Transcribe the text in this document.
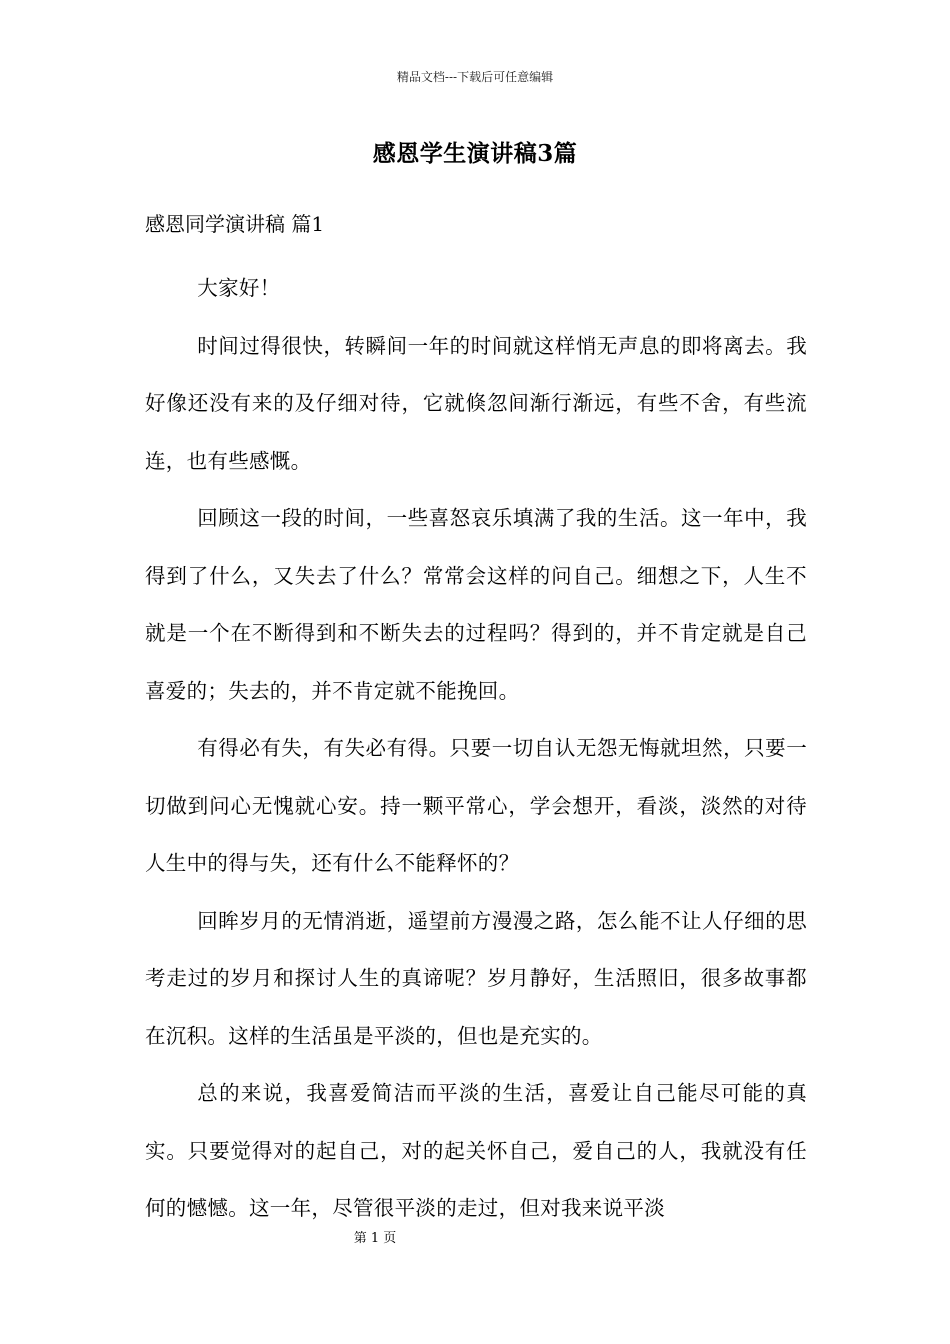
精品文档---下载后可任意编辑
感恩学生演讲稿3篇
感恩同学演讲稿 篇1

大家好！

时间过得很快，转瞬间一年的时间就这样悄无声息的即将离去。我好像还没有来的及仔细对待，它就倏忽间渐行渐远，有些不舍，有些流连，也有些感慨。

回顾这一段的时间，一些喜怒哀乐填满了我的生活。这一年中，我得到了什么，又失去了什么？常常会这样的问自己。细想之下，人生不就是一个在不断得到和不断失去的过程吗？得到的，并不肯定就是自己喜爱的；失去的，并不肯定就不能挽回。

有得必有失，有失必有得。只要一切自认无怨无悔就坦然，只要一切做到问心无愧就心安。持一颗平常心，学会想开，看淡，淡然的对待人生中的得与失，还有什么不能释怀的？

回眸岁月的无情消逝，遥望前方漫漫之路，怎么能不让人仔细的思考走过的岁月和探讨人生的真谛呢？岁月静好，生活照旧，很多故事都在沉积。这样的生活虽是平淡的，但也是充实的。

总的来说，我喜爱简洁而平淡的生活，喜爱让自己能尽可能的真实。只要觉得对的起自己，对的起关怀自己，爱自己的人，我就没有任何的憾憾。这一年，尽管很平淡的走过，但对我来说平淡

第 1 页
